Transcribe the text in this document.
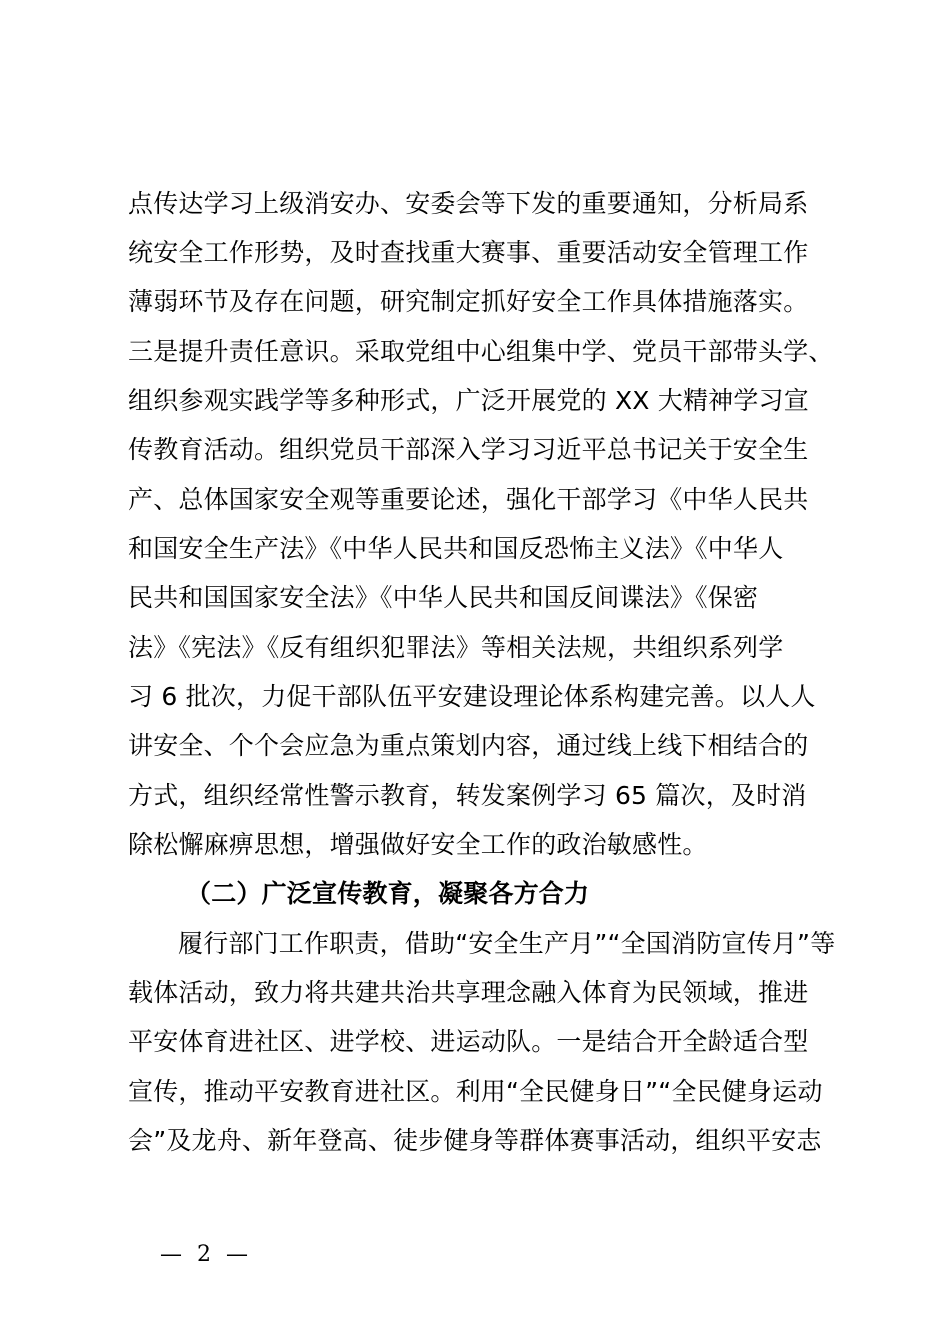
点传达学习上级消安办、安委会等下发的重要通知，分析局系
统安全工作形势，及时查找重大赛事、重要活动安全管理工作
薄弱环节及存在问题，研究制定抓好安全工作具体措施落实。
三是提升责任意识。采取党组中心组集中学、党员干部带头学、
组织参观实践学等多种形式，广泛开展党的 XX 大精神学习宣
传教育活动。组织党员干部深入学习习近平总书记关于安全生
产、总体国家安全观等重要论述，强化干部学习《中华人民共
和国安全生产法》《中华人民共和国反恐怖主义法》《中华人
民共和国国家安全法》《中华人民共和国反间谍法》《保密
法》《宪法》《反有组织犯罪法》等相关法规，共组织系列学
习 6 批次，力促干部队伍平安建设理论体系构建完善。以人人
讲安全、个个会应急为重点策划内容，通过线上线下相结合的
方式，组织经常性警示教育，转发案例学习 65 篇次，及时消
除松懈麻痹思想，增强做好安全工作的政治敏感性。
（二）广泛宣传教育，凝聚各方合力
履行部门工作职责，借助“安全生产月”“全国消防宣传月”等
载体活动，致力将共建共治共享理念融入体育为民领域，推进
平安体育进社区、进学校、进运动队。一是结合开全龄适合型
宣传，推动平安教育进社区。利用“全民健身日”“全民健身运动
会”及龙舟、新年登高、徒步健身等群体赛事活动，组织平安志
— 2 —
